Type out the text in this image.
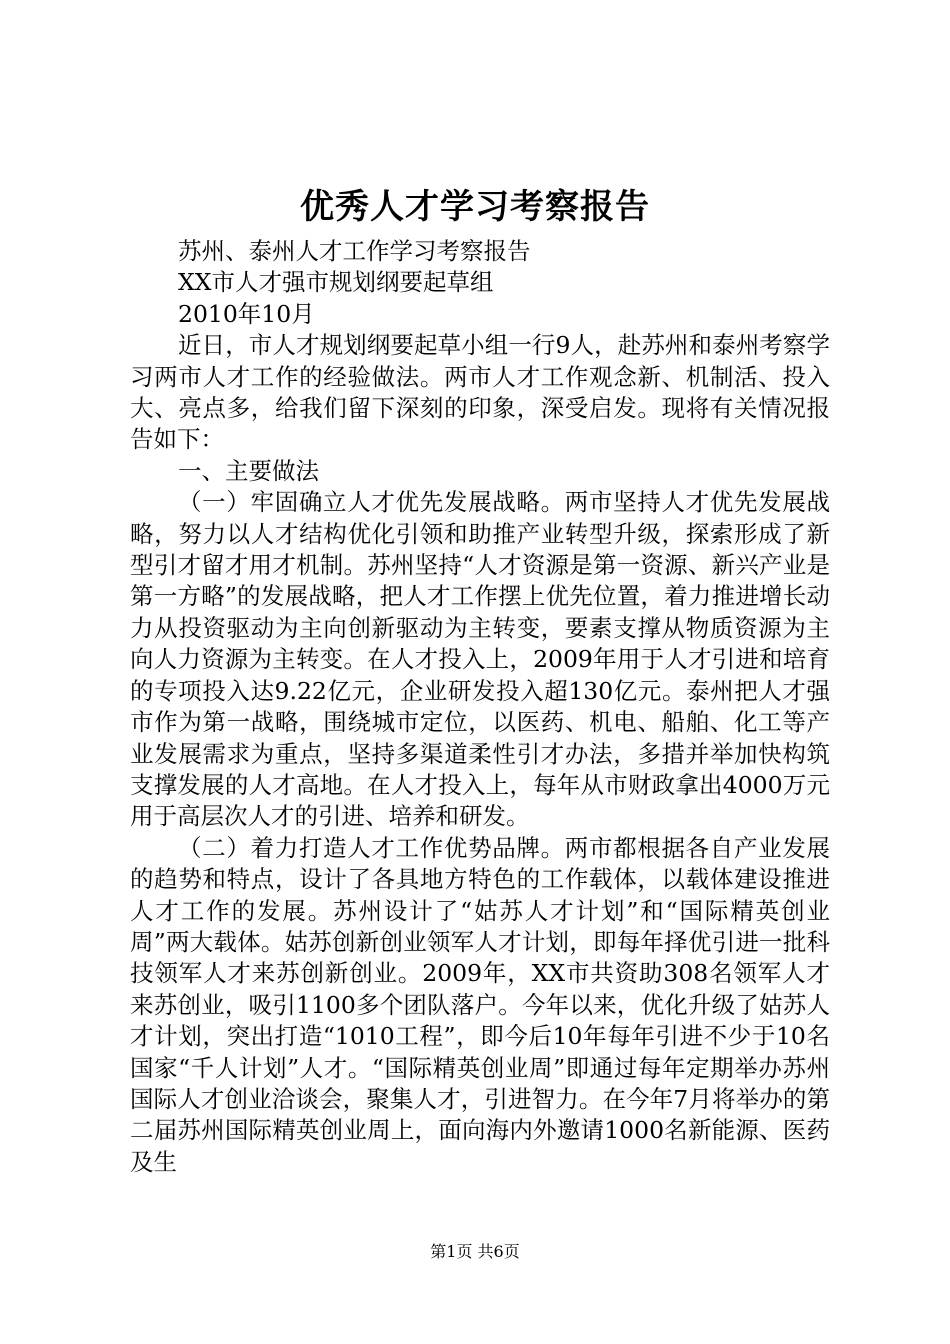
优秀人才学习考察报告

苏州、泰州人才工作学习考察报告

XX市人才强市规划纲要起草组

2010年10月

近日，市人才规划纲要起草小组一行9人，赴苏州和泰州考察学习两市人才工作的经验做法。两市人才工作观念新、机制活、投入大、亮点多，给我们留下深刻的印象，深受启发。现将有关情况报告如下：

一、主要做法

（一）牢固确立人才优先发展战略。两市坚持人才优先发展战略，努力以人才结构优化引领和助推产业转型升级，探索形成了新型引才留才用才机制。苏州坚持“人才资源是第一资源、新兴产业是第一方略”的发展战略，把人才工作摆上优先位置，着力推进增长动力从投资驱动为主向创新驱动为主转变，要素支撑从物质资源为主向人力资源为主转变。在人才投入上，2009年用于人才引进和培育的专项投入达9.22亿元，企业研发投入超130亿元。泰州把人才强市作为第一战略，围绕城市定位，以医药、机电、船舶、化工等产业发展需求为重点，坚持多渠道柔性引才办法，多措并举加快构筑支撑发展的人才高地。在人才投入上，每年从市财政拿出4000万元用于高层次人才的引进、培养和研发。

（二）着力打造人才工作优势品牌。两市都根据各自产业发展的趋势和特点，设计了各具地方特色的工作载体，以载体建设推进人才工作的发展。苏州设计了“姑苏人才计划”和“国际精英创业周”两大载体。姑苏创新创业领军人才计划，即每年择优引进一批科技领军人才来苏创新创业。2009年，XX市共资助308名领军人才来苏创业，吸引1100多个团队落户。今年以来，优化升级了姑苏人才计划，突出打造“1010工程”，即今后10年每年引进不少于10名国家“千人计划”人才。“国际精英创业周”即通过每年定期举办苏州国际人才创业洽谈会，聚集人才，引进智力。在今年7月将举办的第二届苏州国际精英创业周上，面向海内外邀请1000名新能源、医药及生

第1页 共6页
